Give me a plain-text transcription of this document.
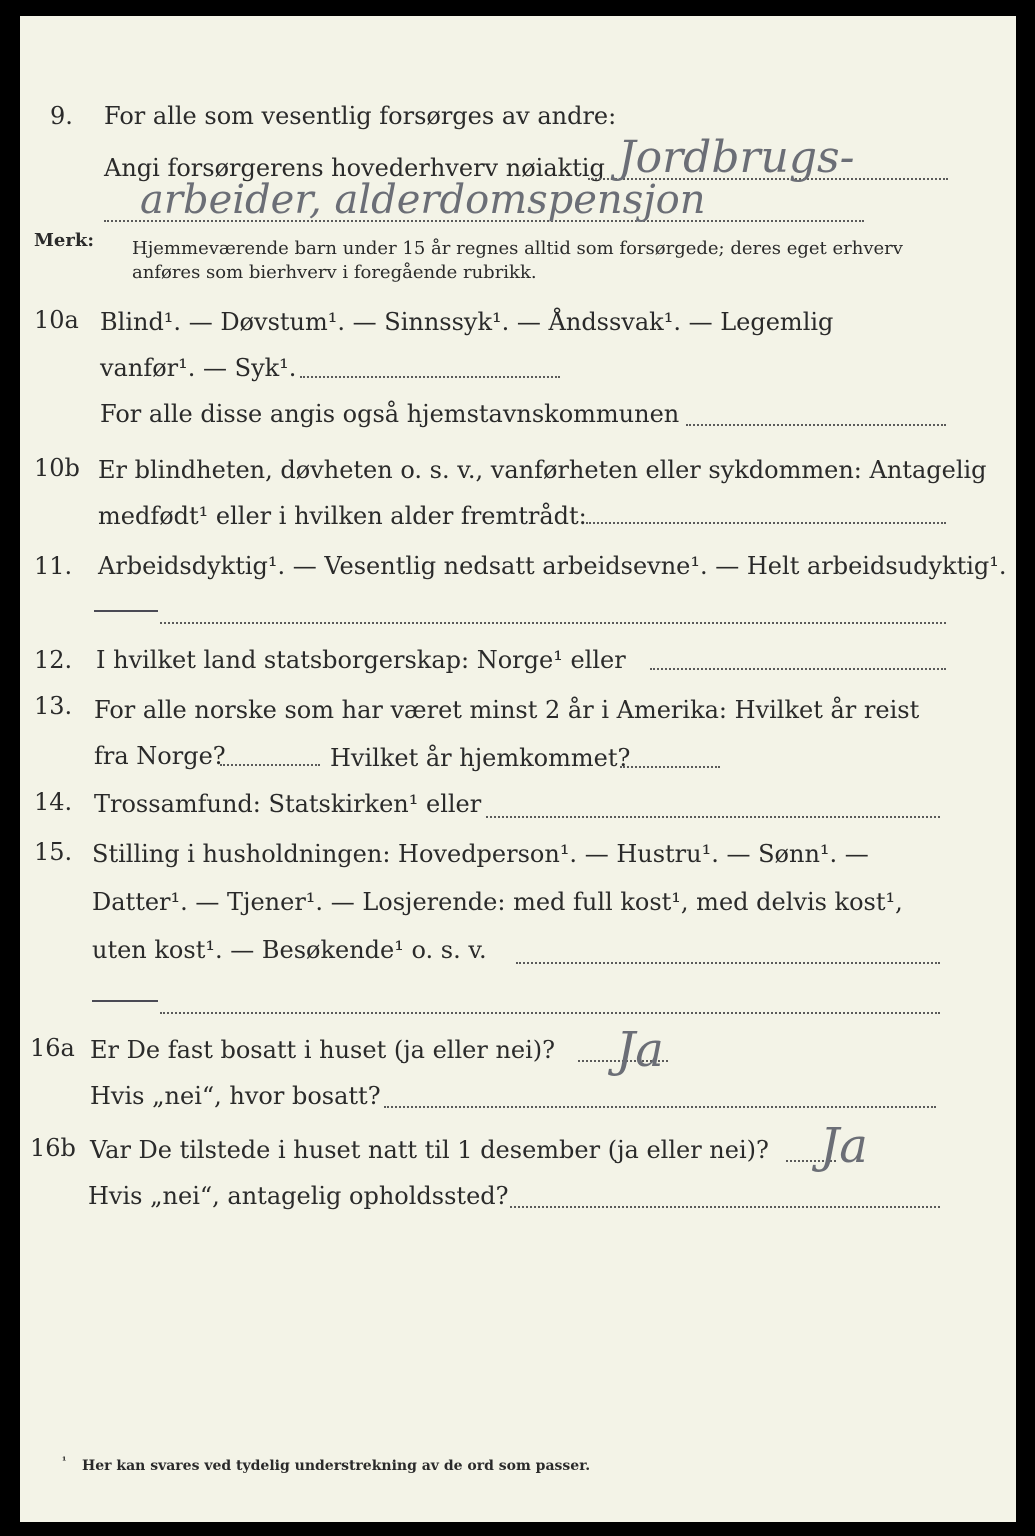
9. For alle som vesentlig forsørges av andre:
Angi forsørgerens hovederhverv nøiaktig Jordbrugs-
arbeider, alderdomspensjon
Merk: Hjemmeværende barn under 15 år regnes alltid som forsørgede; deres eget erhverv
anføres som bierhverv i foregående rubrikk.
10a Blind¹. — Døvstum¹. — Sinnssyk¹. — Åndssvak¹. — Legemlig
vanfør¹. — Syk¹.
For alle disse angis også hjemstavnskommunen
10b Er blindheten, døvheten o. s. v., vanførheten eller sykdommen: Antagelig
medfødt¹ eller i hvilken alder fremtrådt:
11. Arbeidsdyktig¹. — Vesentlig nedsatt arbeidsevne¹. — Helt arbeidsudyktig¹.
12. I hvilket land statsborgerskap: Norge¹ eller
13. For alle norske som har været minst 2 år i Amerika: Hvilket år reist
fra Norge?	Hvilket år hjemkommet?
14. Trossamfund: Statskirken¹ eller
15. Stilling i husholdningen: Hovedperson¹. — Hustru¹. — Sønn¹. —
Datter¹. — Tjener¹. — Losjerende: med full kost¹, med delvis kost¹,
uten kost¹. — Besøkende¹ o. s. v.
16a Er De fast bosatt i huset (ja eller nei)? Ja
Hvis „nei“, hvor bosatt?
16b Var De tilstede i huset natt til 1 desember (ja eller nei)? Ja
Hvis „nei“, antagelig opholdssted?
¹ Her kan svares ved tydelig understrekning av de ord som passer.
